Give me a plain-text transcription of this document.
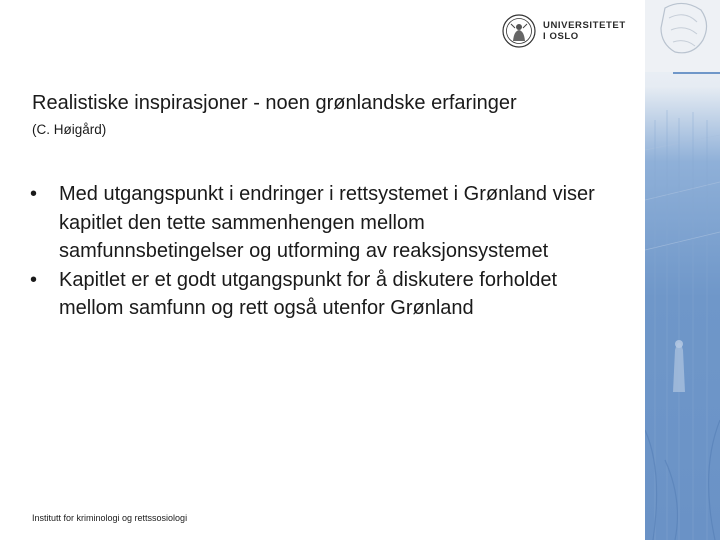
UNIVERSITETET
I OSLO
Realistiske inspirasjoner - noen grønlandske erfaringer
(C. Høigård)
•	Med utgangspunkt i endringer i rettsystemet i Grønland viser kapitlet den tette sammenhengen mellom samfunnsbetingelser og utforming av reaksjonsystemet
•	Kapitlet er et godt utgangspunkt for å diskutere forholdet mellom samfunn og rett også utenfor Grønland
Institutt for kriminologi og rettssosiologi
